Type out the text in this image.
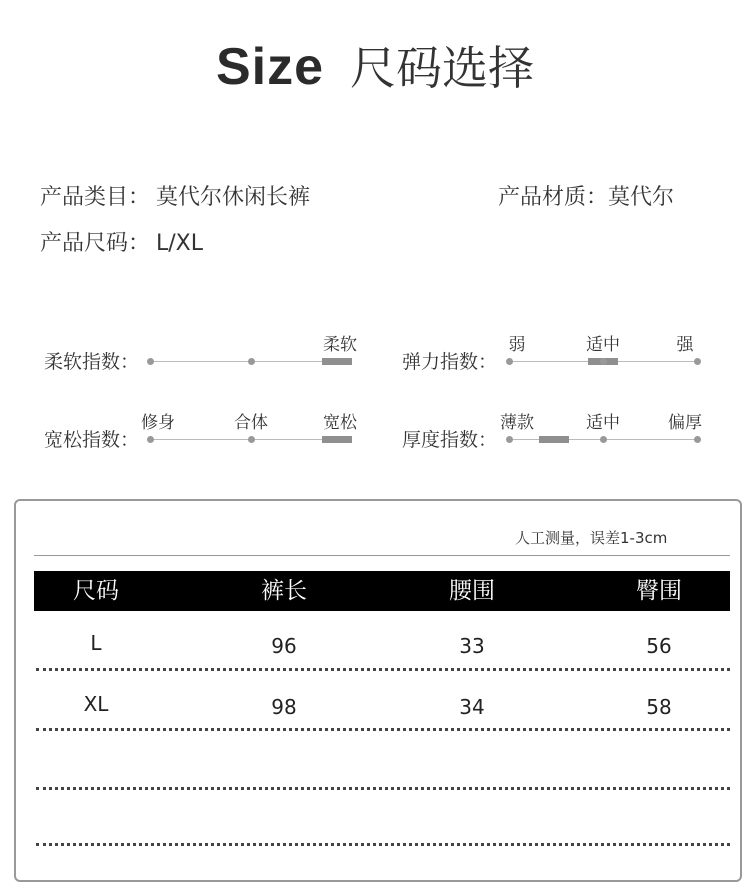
Size 尺码选择
产品类目： 莫代尔休闲长裤	产品材质：莫代尔
产品尺码： L/XL
柔软指数：
柔软
弹力指数：
弱	适中	强
宽松指数：
修身	合体	宽松
厚度指数：
薄款	适中	偏厚
人工测量，误差1-3cm
尺码	裤长	腰围	臀围
L	96	33	56
XL	98	34	58
